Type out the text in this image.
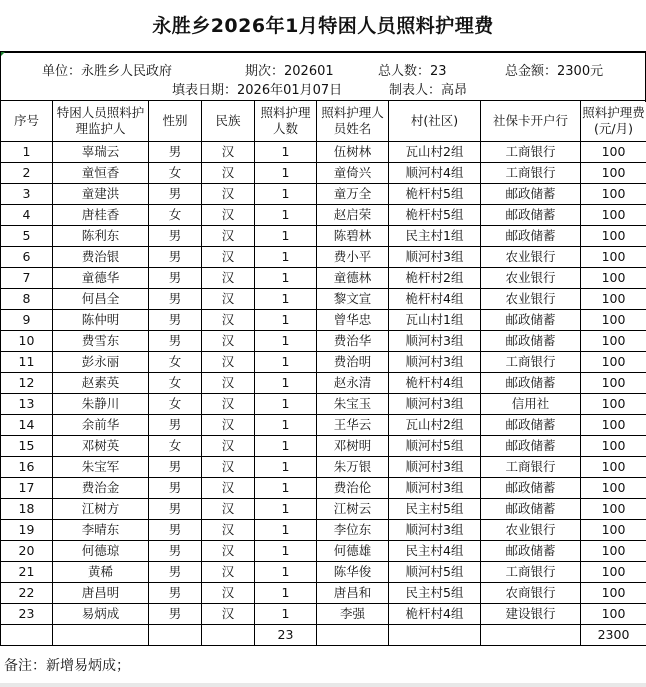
永胜乡2026年1月特困人员照料护理费
单位：永胜乡人民政府	期次：202601	总人数：23	总金额：2300元
填表日期：2026年01月07日	制表人：高昂
序号	特困人员照料护理监护人	性别	民族	照料护理人数	照料护理人员姓名	村(社区)	社保卡开户行	照料护理费(元/月)
1	辜瑞云	男	汉	1	伍树林	瓦山村2组	工商银行	100
2	童恒香	女	汉	1	童倚兴	顺河村4组	工商银行	100
3	童建洪	男	汉	1	童万全	桅杆村5组	邮政储蓄	100
4	唐桂香	女	汉	1	赵启荣	桅杆村5组	邮政储蓄	100
5	陈利东	男	汉	1	陈碧林	民主村1组	邮政储蓄	100
6	费治银	男	汉	1	费小平	顺河村3组	农业银行	100
7	童德华	男	汉	1	童德林	桅杆村2组	农业银行	100
8	何昌全	男	汉	1	黎文宣	桅杆村4组	农业银行	100
9	陈仲明	男	汉	1	曾华忠	瓦山村1组	邮政储蓄	100
10	费雪东	男	汉	1	费治华	顺河村3组	邮政储蓄	100
11	彭永丽	女	汉	1	费治明	顺河村3组	工商银行	100
12	赵素英	女	汉	1	赵永清	桅杆村4组	邮政储蓄	100
13	朱静川	女	汉	1	朱宝玉	顺河村3组	信用社	100
14	余前华	男	汉	1	王华云	瓦山村2组	邮政储蓄	100
15	邓树英	女	汉	1	邓树明	顺河村5组	邮政储蓄	100
16	朱宝军	男	汉	1	朱万银	顺河村3组	工商银行	100
17	费治金	男	汉	1	费治伦	顺河村3组	邮政储蓄	100
18	江树方	男	汉	1	江树云	民主村5组	邮政储蓄	100
19	李晴东	男	汉	1	李位东	顺河村3组	农业银行	100
20	何德琼	男	汉	1	何德雄	民主村4组	邮政储蓄	100
21	黄稀	男	汉	1	陈华俊	顺河村5组	工商银行	100
22	唐昌明	男	汉	1	唐昌和	民主村5组	农商银行	100
23	易炳成	男	汉	1	李强	桅杆村4组	建设银行	100
				23				2300
备注：新增易炳成；
